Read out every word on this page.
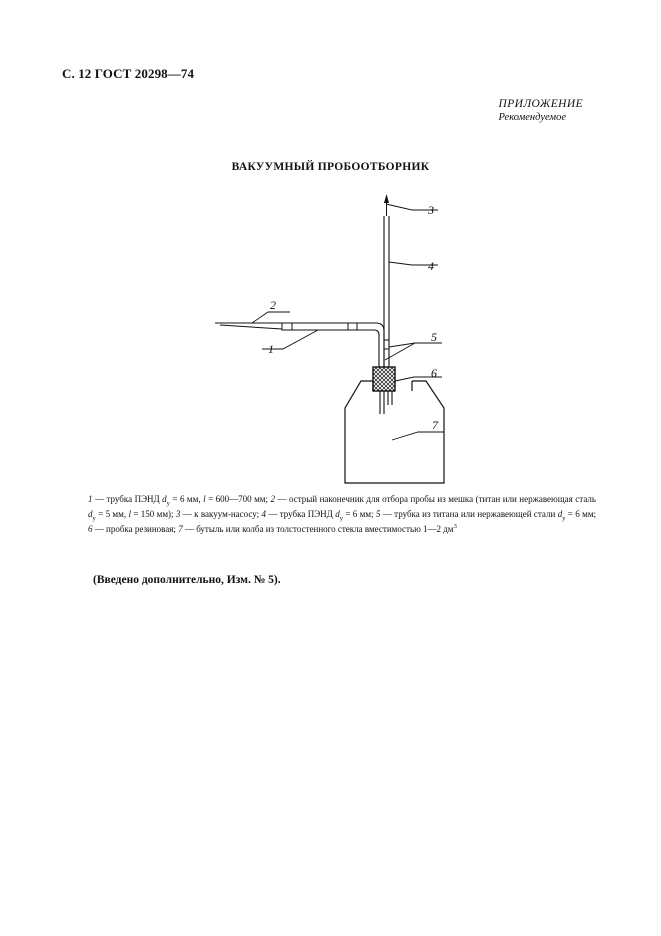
С. 12 ГОСТ 20298—74
ПРИЛОЖЕНИЕ
Рекомендуемое
ВАКУУМНЫЙ ПРОБООТБОРНИК
3
4
2
1
5
6
7
1 — трубка ПЭНД $d_y = 6$ мм, l = 600—700 мм; 2 — острый наконечник для отбора пробы из мешка (титан или нержавеющая сталь $d_y = 5$ мм, l = 150 мм); 3 — к вакуум-насосу; 4 — трубка ПЭНД $d_y = 6$ мм; 5 — трубка из титана или нержавеющей стали $d_y = 6$ мм; 6 — пробка резиновая; 7 — бутыль или колба из толстостенного стекла вместимостью 1—2 $дм^3$
(Введено дополнительно, Изм. № 5).
